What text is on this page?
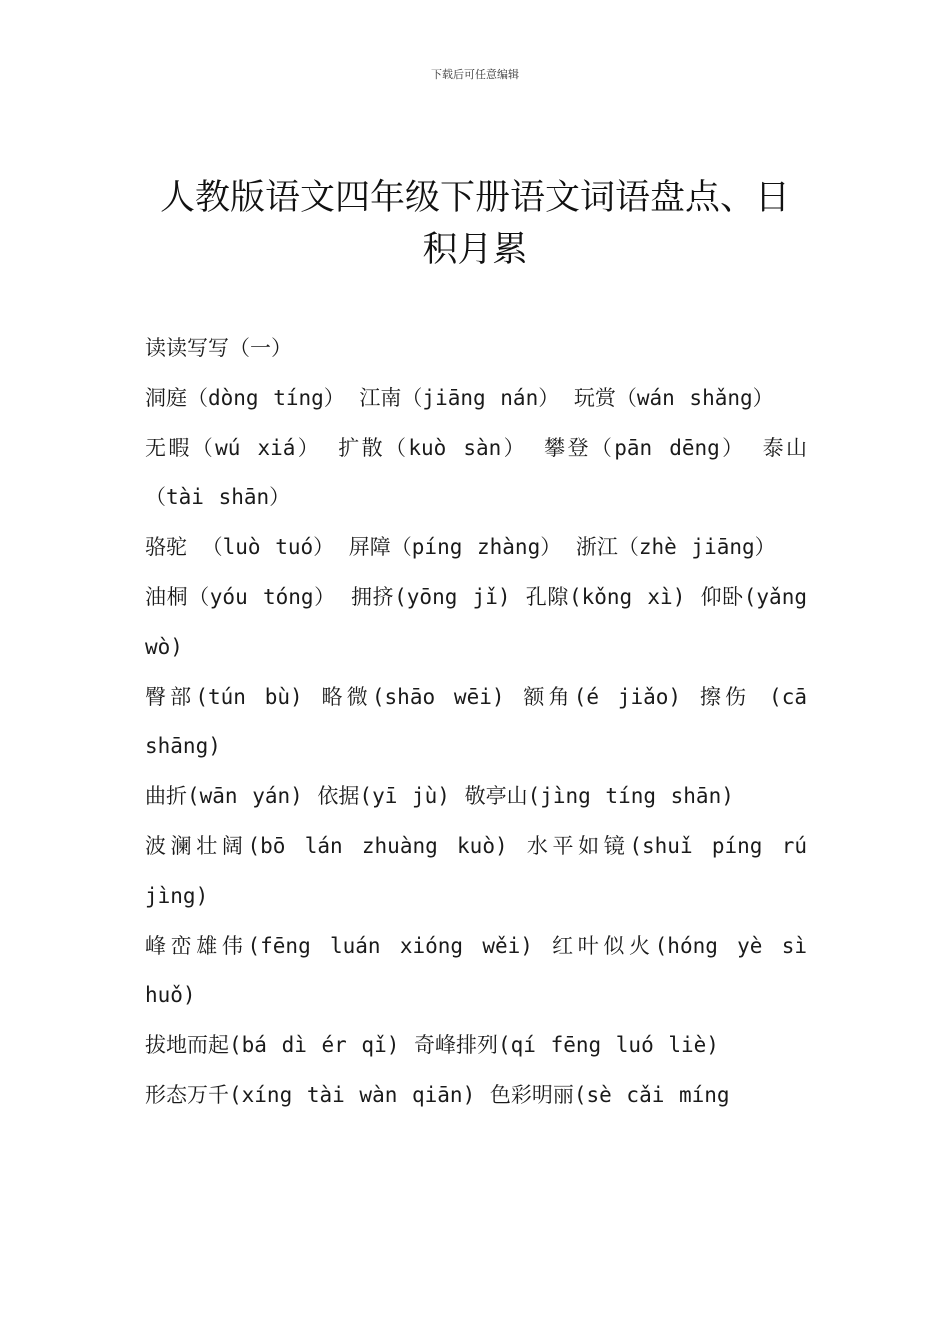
下载后可任意编辑
人教版语文四年级下册语文词语盘点、日积月累

读读写写（一）

洞庭（dòng tíng） 江南（jiāng nán） 玩赏（wán shǎng）

无暇（wú xiá） 扩散（kuò sàn） 攀登（pān dēng） 泰山（tài shān）

骆驼 （luò tuó） 屏障（píng zhàng） 浙江（zhè jiāng）

油桐（yóu tóng） 拥挤(yōng jǐ) 孔隙(kǒng xì) 仰卧(yǎng wò)

臀部(tún bù) 略微(shāo wēi) 额角(é jiǎo) 擦伤 (cā shāng)

曲折(wān yán) 依据(yī jù) 敬亭山(jìng tíng shān)

波澜壮阔(bō lán zhuàng kuò) 水平如镜(shuǐ píng rú jìng)

峰峦雄伟(fēng luán xióng wěi) 红叶似火(hóng yè sì huǒ)

拔地而起(bá dì ér qǐ) 奇峰排列(qí fēng luó liè)

形态万千(xíng tài wàn qiān) 色彩明丽(sè cǎi míng
